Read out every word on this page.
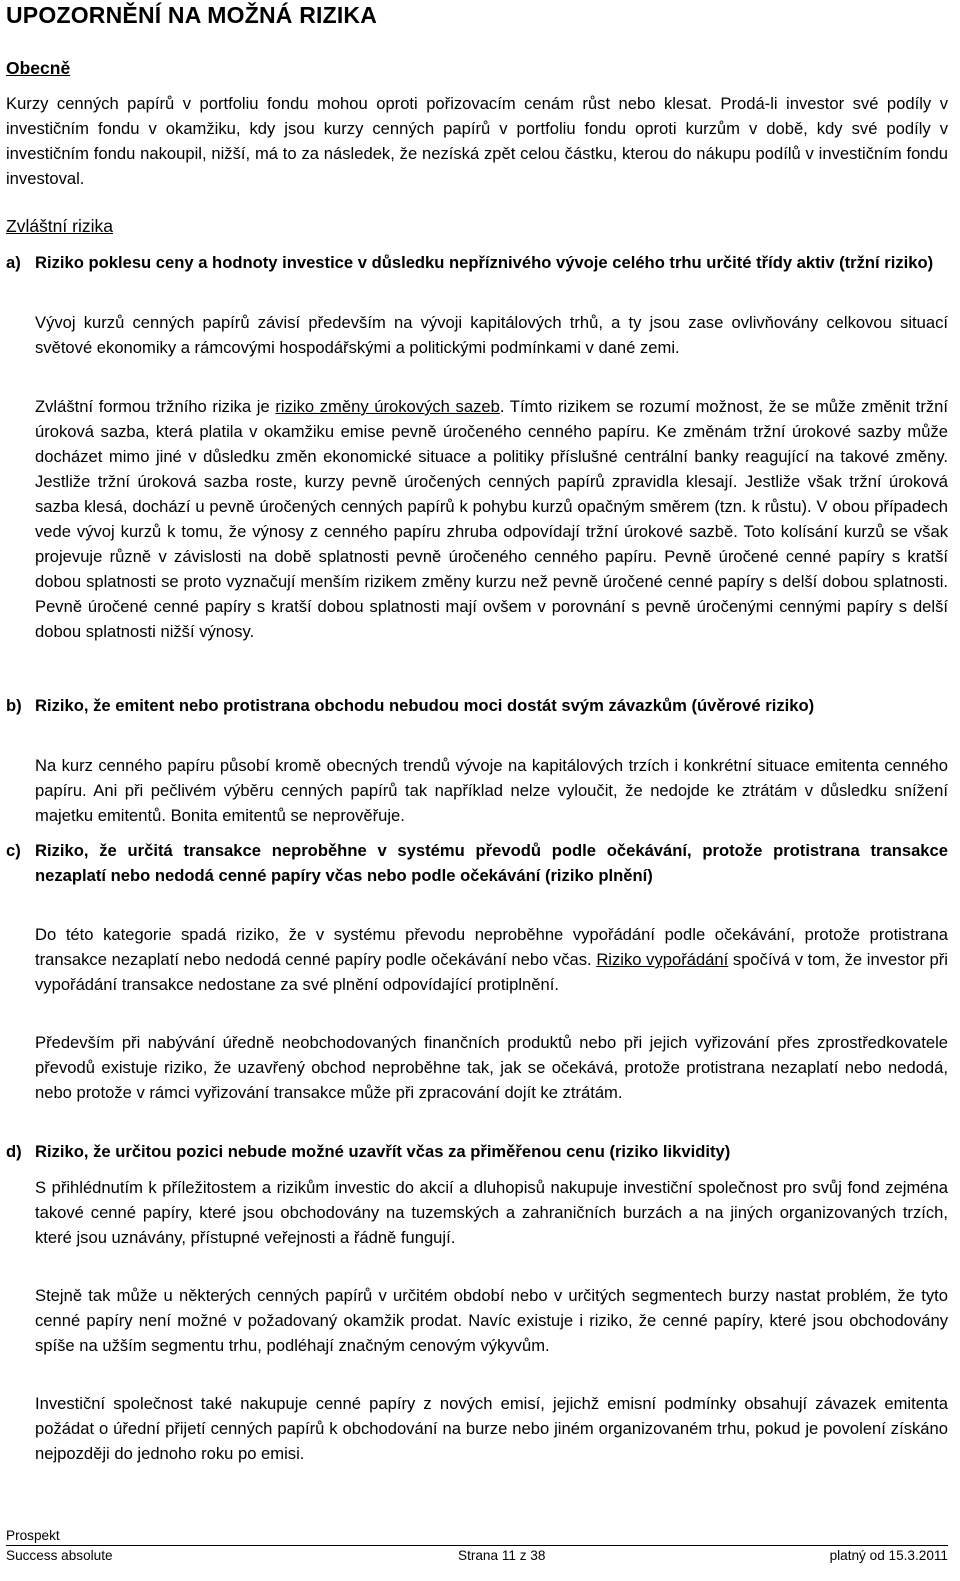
UPOZORNĚNÍ NA MOŽNÁ RIZIKA
Obecně

Kurzy cenných papírů v portfoliu fondu mohou oproti pořizovacím cenám růst nebo klesat. Prodá-li investor své podíly v investičním fondu v okamžiku, kdy jsou kurzy cenných papírů v portfoliu fondu oproti kurzům v době, kdy své podíly v investičním fondu nakoupil, nižší, má to za následek, že nezíská zpět celou částku, kterou do nákupu podílů v investičním fondu investoval.

Zvláštní rizika
a) Riziko poklesu ceny a hodnoty investice v důsledku nepříznivého vývoje celého trhu určité třídy aktiv (tržní riziko)

Vývoj kurzů cenných papírů závisí především na vývoji kapitálových trhů, a ty jsou zase ovlivňovány celkovou situací světové ekonomiky a rámcovými hospodářskými a politickými podmínkami v dané zemi.

Zvláštní formou tržního rizika je riziko změny úrokových sazeb. Tímto rizikem se rozumí možnost, že se může změnit tržní úroková sazba, která platila v okamžiku emise pevně úročeného cenného papíru. Ke změnám tržní úrokové sazby může docházet mimo jiné v důsledku změn ekonomické situace a politiky příslušné centrální banky reagující na takové změny. Jestliže tržní úroková sazba roste, kurzy pevně úročených cenných papírů zpravidla klesají. Jestliže však tržní úroková sazba klesá, dochází u pevně úročených cenných papírů k pohybu kurzů opačným směrem (tzn. k růstu). V obou případech vede vývoj kurzů k tomu, že výnosy z cenného papíru zhruba odpovídají tržní úrokové sazbě. Toto kolísání kurzů se však projevuje různě v závislosti na době splatnosti pevně úročeného cenného papíru. Pevně úročené cenné papíry s kratší dobou splatnosti se proto vyznačují menším rizikem změny kurzu než pevně úročené cenné papíry s delší dobou splatnosti. Pevně úročené cenné papíry s kratší dobou splatnosti mají ovšem v porovnání s pevně úročenými cennými papíry s delší dobou splatnosti nižší výnosy.

b) Riziko, že emitent nebo protistrana obchodu nebudou moci dostát svým závazkům (úvěrové riziko)

Na kurz cenného papíru působí kromě obecných trendů vývoje na kapitálových trzích i konkrétní situace emitenta cenného papíru. Ani při pečlivém výběru cenných papírů tak například nelze vyloučit, že nedojde ke ztrátám v důsledku snížení majetku emitentů. Bonita emitentů se neprověřuje.

c) Riziko, že určitá transakce neproběhne v systému převodů podle očekávání, protože protistrana transakce nezaplatí nebo nedodá cenné papíry včas nebo podle očekávání (riziko plnění)

Do této kategorie spadá riziko, že v systému převodu neproběhne vypořádání podle očekávání, protože protistrana transakce nezaplatí nebo nedodá cenné papíry podle očekávání nebo včas. Riziko vypořádání spočívá v tom, že investor při vypořádání transakce nedostane za své plnění odpovídající protiplnění.

Především při nabývání úředně neobchodovaných finančních produktů nebo při jejich vyřizování přes zprostředkovatele převodů existuje riziko, že uzavřený obchod neproběhne tak, jak se očekává, protože protistrana nezaplatí nebo nedodá, nebo protože v rámci vyřizování transakce může při zpracování dojít ke ztrátám.

d) Riziko, že určitou pozici nebude možné uzavřít včas za přiměřenou cenu (riziko likvidity)

S přihlédnutím k příležitostem a rizikům investic do akcií a dluhopisů nakupuje investiční společnost pro svůj fond zejména takové cenné papíry, které jsou obchodovány na tuzemských a zahraničních burzách a na jiných organizovaných trzích, které jsou uznávány, přístupné veřejnosti a řádně fungují.

Stejně tak může u některých cenných papírů v určitém období nebo v určitých segmentech burzy nastat problém, že tyto cenné papíry není možné v požadovaný okamžik prodat. Navíc existuje i riziko, že cenné papíry, které jsou obchodovány spíše na užším segmentu trhu, podléhají značným cenovým výkyvům.

Investiční společnost také nakupuje cenné papíry z nových emisí, jejichž emisní podmínky obsahují závazek emitenta požádat o úřední přijetí cenných papírů k obchodování na burze nebo jiném organizovaném trhu, pokud je povolení získáno nejpozději do jednoho roku po emisi.

Prospekt
Success absolute	Strana 11 z 38	platný od 15.3.2011
